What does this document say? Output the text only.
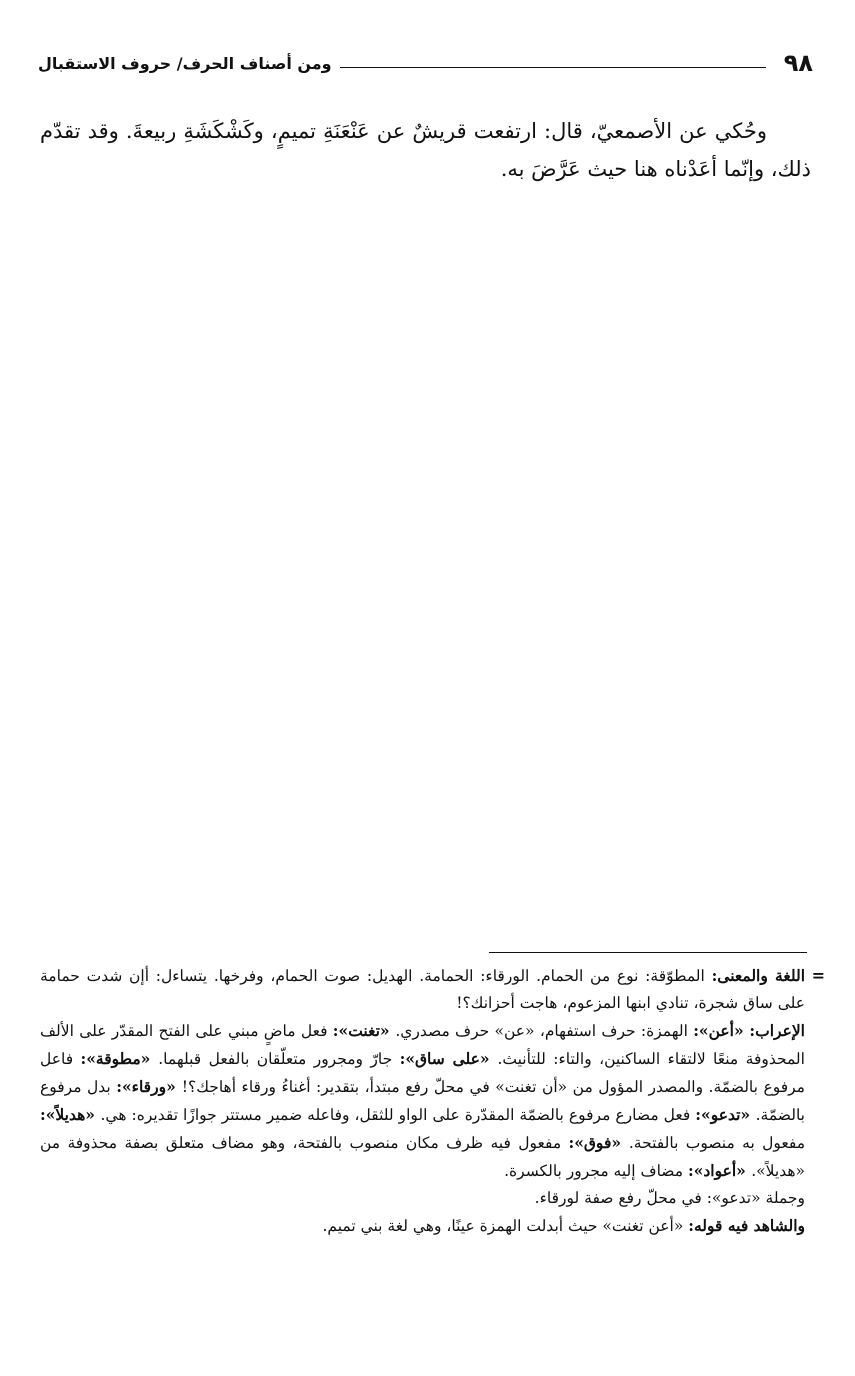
٩٨
ومن أصناف الحرف/ حروف الاستقبال

وحُكي عن الأصمعيّ، قال: ارتفعت قريشٌ عن عَنْعَنَةِ تميمٍ، وكَشْكَشَةِ ربيعةَ. وقد تقدّم ذلك، وإنّما أعَدْناه هنا حيث عَرَّضَ به.

=

اللغة والمعنى: المطوّقة: نوع من الحمام. الورقاء: الحمامة. الهديل: صوت الحمام، وفرخها. يتساءل: أإن شدت حمامة على ساق شجرة، تنادي ابنها المزعوم، هاجت أحزانك؟!

الإعراب: «أعن»: الهمزة: حرف استفهام، «عن» حرف مصدري. «تغنت»: فعل ماضٍ مبني على الفتح المقدّر على الألف المحذوفة منعًا لالتقاء الساكنين، والتاء: للتأنيث. «على ساق»: جارّ ومجرور متعلّقان بالفعل قبلهما. «مطوقة»: فاعل مرفوع بالضمّة. والمصدر المؤول من «أن تغنت» في محلّ رفع مبتدأ، بتقدير: أغناءُ ورقاء أهاجك؟! «ورقاء»: بدل مرفوع بالضمّة. «تدعو»: فعل مضارع مرفوع بالضمّة المقدّرة على الواو للثقل، وفاعله ضمير مستتر جوازًا تقديره: هي. «هديلاً»: مفعول به منصوب بالفتحة. «فوق»: مفعول فيه ظرف مكان منصوب بالفتحة، وهو مضاف متعلق بصفة محذوفة من «هديلاً». «أعواد»: مضاف إليه مجرور بالكسرة.

وجملة «تدعو»: في محلّ رفع صفة لورقاء.

والشاهد فيه قوله: «أعن تغنت» حيث أبدلت الهمزة عينًا، وهي لغة بني تميم.
